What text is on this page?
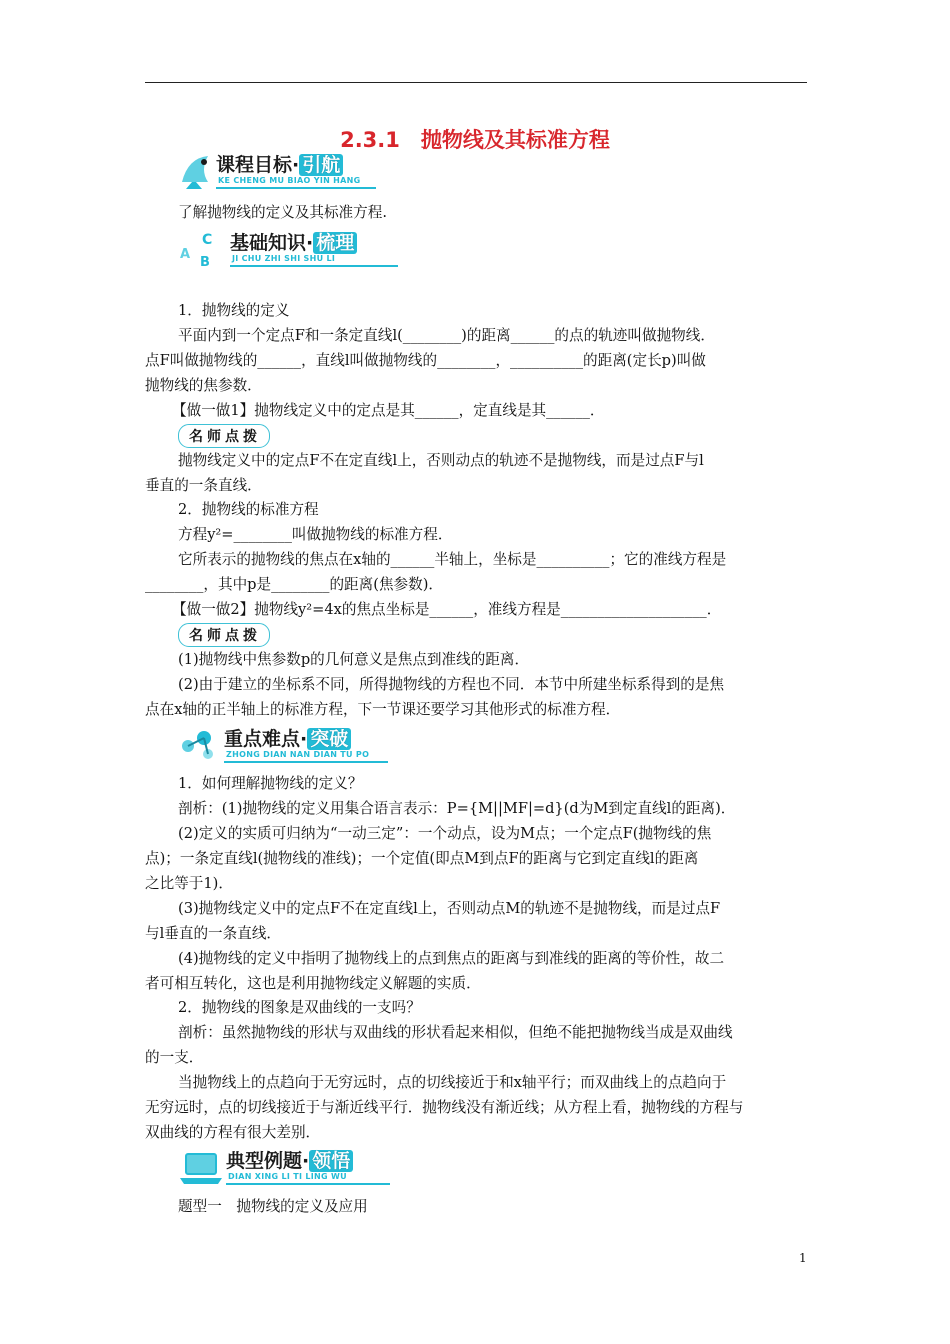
2.3.1　抛物线及其标准方程
课程目标· 引航
KE CHENG MU BIAO YIN HANG
了解抛物线的定义及其标准方程.
C
A
B
基础知识· 梳理
JI CHU ZHI SHI SHU LI
1．抛物线的定义
平面内到一个定点F和一条定直线l(________)的距离______的点的轨迹叫做抛物线．
点F叫做抛物线的______，直线l叫做抛物线的________，__________的距离(定长p)叫做
抛物线的焦参数．
【做一做1】抛物线定义中的定点是其______，定直线是其______．
名师点拨
抛物线定义中的定点F不在定直线l上，否则动点的轨迹不是抛物线，而是过点F与l
垂直的一条直线．
2．抛物线的标准方程
方程y²=________叫做抛物线的标准方程．
它所表示的抛物线的焦点在x轴的______半轴上，坐标是__________；它的准线方程是
________，其中p是________的距离(焦参数)．
【做一做2】抛物线y²=4x的焦点坐标是______，准线方程是____________________．
名师点拨
(1)抛物线中焦参数p的几何意义是焦点到准线的距离．
(2)由于建立的坐标系不同，所得抛物线的方程也不同．本节中所建坐标系得到的是焦
点在x轴的正半轴上的标准方程，下一节课还要学习其他形式的标准方程．
重点难点· 突破
ZHONG DIAN NAN DIAN TU PO
1．如何理解抛物线的定义？
剖析：(1)抛物线的定义用集合语言表示：P={M||MF|=d}(d为M到定直线l的距离)．
(2)定义的实质可归纳为“一动三定”：一个动点，设为M点；一个定点F(抛物线的焦
点)；一条定直线l(抛物线的准线)；一个定值(即点M到点F的距离与它到定直线l的距离
之比等于1)．
(3)抛物线定义中的定点F不在定直线l上，否则动点M的轨迹不是抛物线，而是过点F
与l垂直的一条直线．
(4)抛物线的定义中指明了抛物线上的点到焦点的距离与到准线的距离的等价性，故二
者可相互转化，这也是利用抛物线定义解题的实质．
2．抛物线的图象是双曲线的一支吗？
剖析：虽然抛物线的形状与双曲线的形状看起来相似，但绝不能把抛物线当成是双曲线
的一支．
当抛物线上的点趋向于无穷远时，点的切线接近于和x轴平行；而双曲线上的点趋向于
无穷远时，点的切线接近于与渐近线平行．抛物线没有渐近线；从方程上看，抛物线的方程与
双曲线的方程有很大差别．
典型例题· 领悟
DIAN XING LI TI LING WU
题型一　抛物线的定义及应用
1
